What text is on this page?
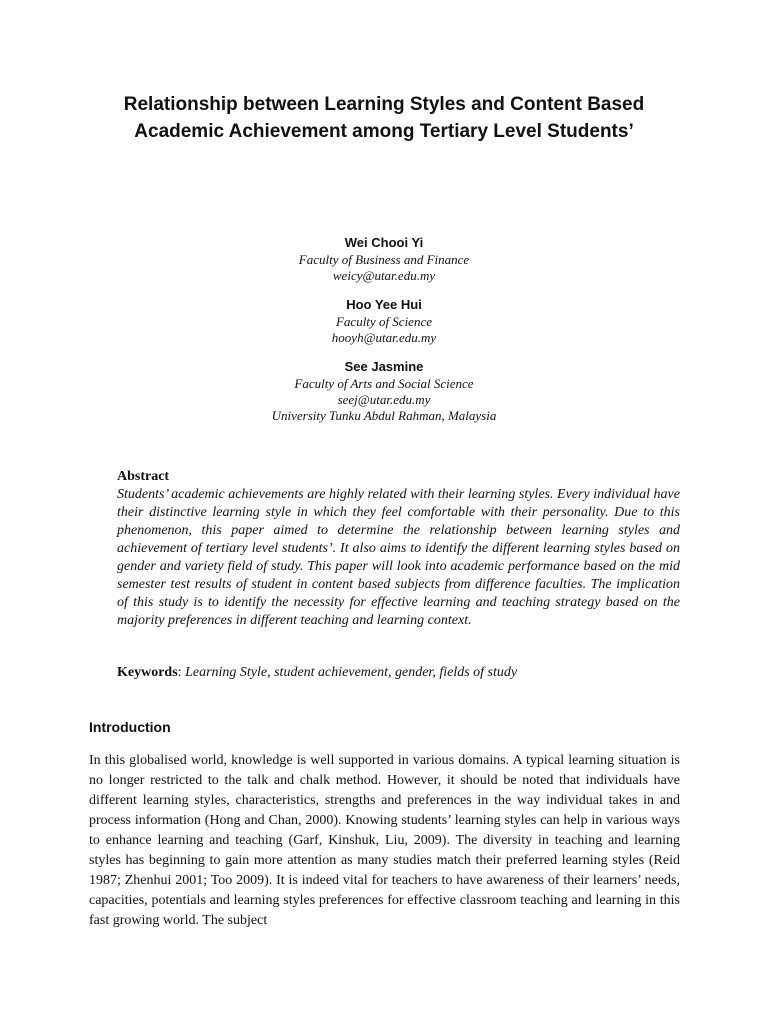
Relationship between Learning Styles and Content Based
Academic Achievement among Tertiary Level Students’
Wei Chooi Yi
Faculty of Business and Finance
weicy@utar.edu.my
Hoo Yee Hui
Faculty of Science
hooyh@utar.edu.my
See Jasmine
Faculty of Arts and Social Science
seej@utar.edu.my
University Tunku Abdul Rahman, Malaysia
Abstract

Students’ academic achievements are highly related with their learning styles. Every individual have their distinctive learning style in which they feel comfortable with their personality. Due to this phenomenon, this paper aimed to determine the relationship between learning styles and achievement of tertiary level students’. It also aims to identify the different learning styles based on gender and variety field of study. This paper will look into academic performance based on the mid semester test results of student in content based subjects from difference faculties. The implication of this study is to identify the necessity for effective learning and teaching strategy based on the majority preferences in different teaching and learning context.

Keywords: Learning Style, student achievement, gender, fields of study
Introduction

In this globalised world, knowledge is well supported in various domains. A typical learning situation is no longer restricted to the talk and chalk method. However, it should be noted that individuals have different learning styles, characteristics, strengths and preferences in the way individual takes in and process information (Hong and Chan, 2000). Knowing students’ learning styles can help in various ways to enhance learning and teaching (Garf, Kinshuk, Liu, 2009). The diversity in teaching and learning styles has beginning to gain more attention as many studies match their preferred learning styles (Reid 1987; Zhenhui 2001; Too 2009). It is indeed vital for teachers to have awareness of their learners’ needs, capacities, potentials and learning styles preferences for effective classroom teaching and learning in this fast growing world. The subject
